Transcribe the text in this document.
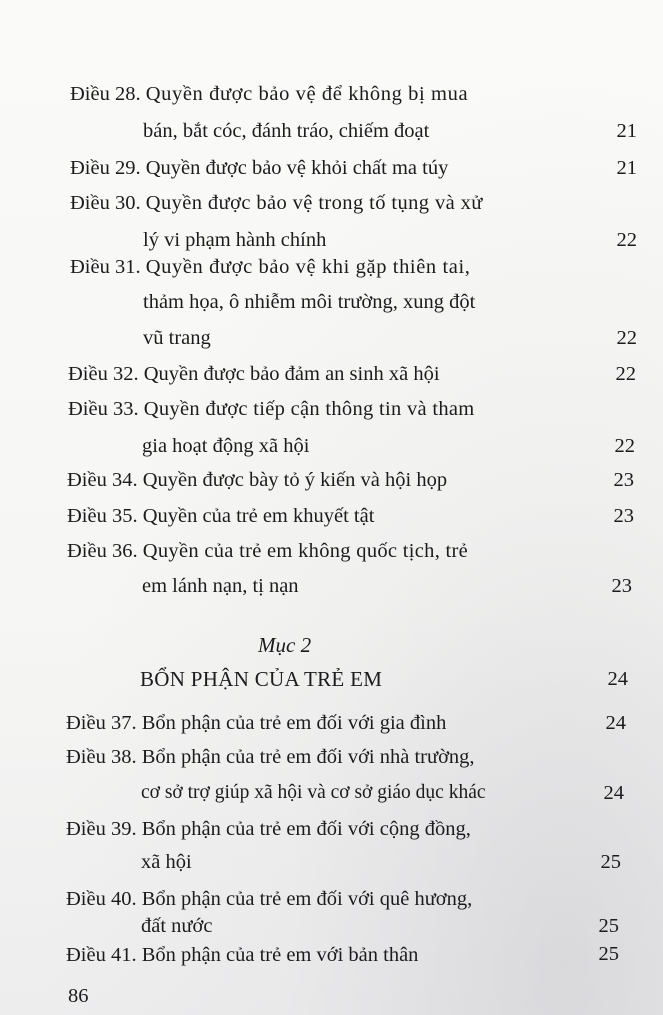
Điều 28. Quyền được bảo vệ để không bị mua
bán, bắt cóc, đánh tráo, chiếm đoạt	21
Điều 29. Quyền được bảo vệ khỏi chất ma túy	21
Điều 30. Quyền được bảo vệ trong tố tụng và xử
lý vi phạm hành chính	22
Điều 31. Quyền được bảo vệ khi gặp thiên tai,
thảm họa, ô nhiễm môi trường, xung đột
vũ trang	22
Điều 32. Quyền được bảo đảm an sinh xã hội	22
Điều 33. Quyền được tiếp cận thông tin và tham
gia hoạt động xã hội	22
Điều 34. Quyền được bày tỏ ý kiến và hội họp	23
Điều 35. Quyền của trẻ em khuyết tật	23
Điều 36. Quyền của trẻ em không quốc tịch, trẻ
em lánh nạn, tị nạn	23
Mục 2
BỔN PHẬN CỦA TRẺ EM	24
Điều 37. Bổn phận của trẻ em đối với gia đình	24
Điều 38. Bổn phận của trẻ em đối với nhà trường,
cơ sở trợ giúp xã hội và cơ sở giáo dục khác	24
Điều 39. Bổn phận của trẻ em đối với cộng đồng,
xã hội	25
Điều 40. Bổn phận của trẻ em đối với quê hương,
đất nước	25
Điều 41. Bổn phận của trẻ em với bản thân	25
86
